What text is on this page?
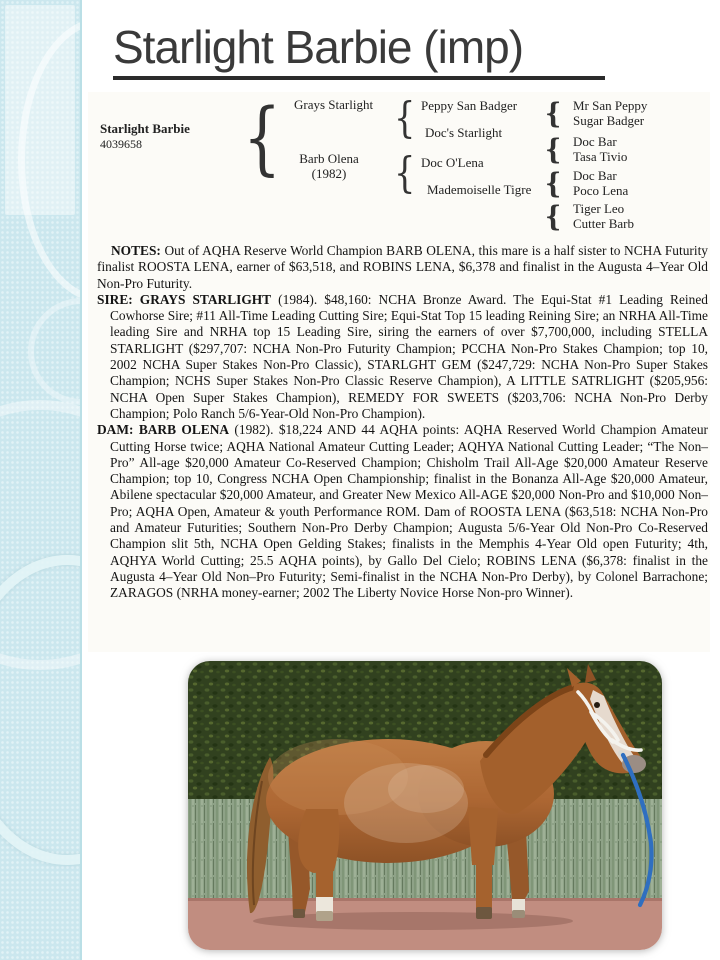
Starlight Barbie (imp)
Starlight Barbie
4039658 { Grays Starlight
Barb Olena
(1982)
{
{
Peppy San Badger
Doc's Starlight
Doc O'Lena
Mademoiselle Tigre
{
{
{
{
Mr San Peppy
Sugar Badger
Doc Bar
Tasa Tivio
Doc Bar
Poco Lena
Tiger Leo
Cutter Barb

NOTES: Out of AQHA Reserve World Champion BARB OLENA, this mare is a half sister to NCHA Futurity finalist ROOSTA LENA, earner of $63,518, and ROBINS LENA, $6,378 and finalist in the Augusta 4–Year Old Non-Pro Futurity.

SIRE: GRAYS STARLIGHT (1984). $48,160: NCHA Bronze Award. The Equi-Stat #1 Leading Reined Cowhorse Sire; #11 All-Time Leading Cutting Sire; Equi-Stat Top 15 leading Reining Sire; an NRHA All-Time leading Sire and NRHA top 15 Leading Sire, siring the earners of over $7,700,000, including STELLA STARLIGHT ($297,707: NCHA Non-Pro Futurity Champion; PCCHA Non-Pro Stakes Champion; top 10, 2002 NCHA Super Stakes Non-Pro Classic), STARLGHT GEM ($247,729: NCHA Non-Pro Super Stakes Champion; NCHS Super Stakes Non-Pro Classic Reserve Champion), A LITTLE SATRLIGHT ($205,956: NCHA Open Super Stakes Champion), REMEDY FOR SWEETS ($203,706: NCHA Non-Pro Derby Champion; Polo Ranch 5/6-Year-Old Non-Pro Champion).

DAM: BARB OLENA (1982). $18,224 AND 44 AQHA points: AQHA Reserved World Champion Amateur Cutting Horse twice; AQHA National Amateur Cutting Leader; AQHYA National Cutting Leader; “The Non–Pro” All-age $20,000 Amateur Co-Reserved Champion; Chisholm Trail All-Age $20,000 Amateur Reserve Champion; top 10, Congress NCHA Open Championship; finalist in the Bonanza All-Age $20,000 Amateur, Abilene spectacular $20,000 Amateur, and Greater New Mexico All-AGE $20,000 Non-Pro and $10,000 Non–Pro; AQHA Open, Amateur & youth Performance ROM. Dam of ROOSTA LENA ($63,518: NCHA Non-Pro and Amateur Futurities; Southern Non-Pro Derby Champion; Augusta 5/6-Year Old Non-Pro Co-Reserved Champion slit 5th, NCHA Open Gelding Stakes; finalists in the Memphis 4-Year Old open Futurity; 4th, AQHYA World Cutting; 25.5 AQHA points), by Gallo Del Cielo; ROBINS LENA ($6,378: finalist in the Augusta 4–Year Old Non–Pro Futurity; Semi-finalist in the NCHA Non-Pro Derby), by Colonel Barrachone; ZARAGOS (NRHA money-earner; 2002 The Liberty Novice Horse Non-pro Winner).
